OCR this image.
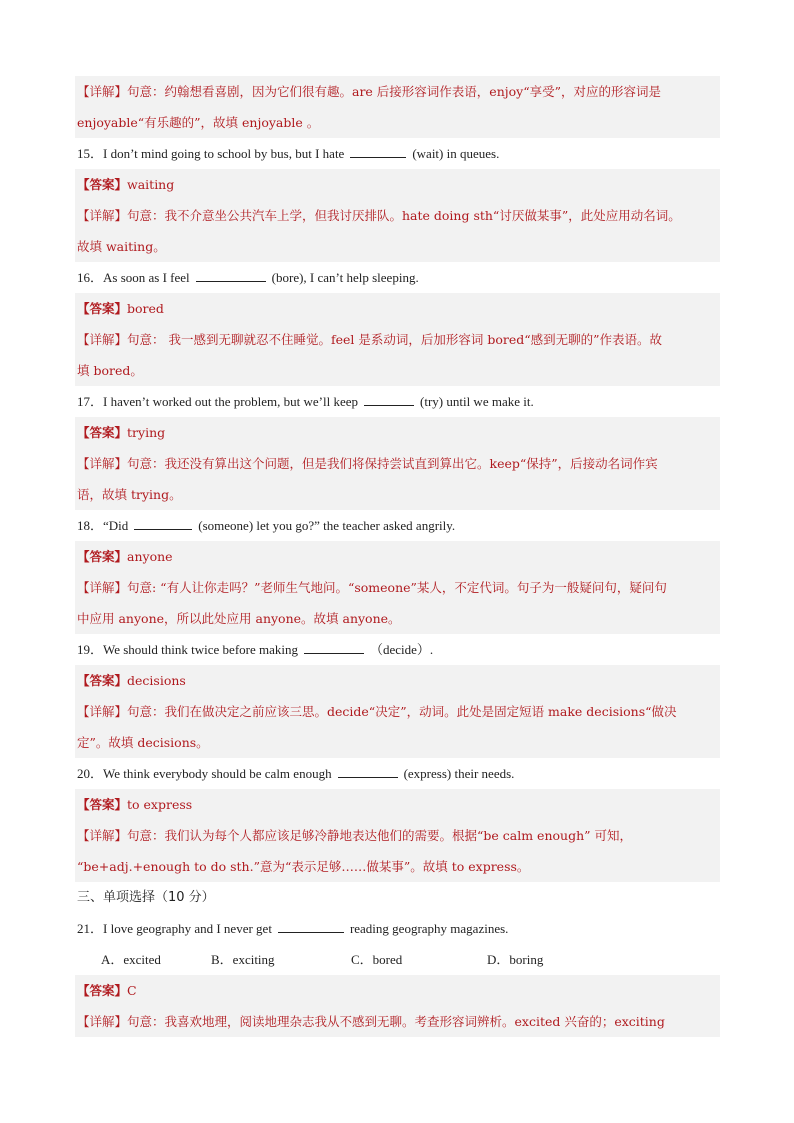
【详解】句意：约翰想看喜剧，因为它们很有趣。are 后接形容词作表语，enjoy“享受”，对应的形容词是
enjoyable“有乐趣的”，故填 enjoyable 。
15．I don’t mind going to school by bus, but I hate	(wait) in queues.
【答案】waiting
【详解】句意：我不介意坐公共汽车上学，但我讨厌排队。hate doing sth“讨厌做某事”，此处应用动名词。
故填 waiting。
16．As soon as I feel	(bore), I can’t help sleeping.
【答案】bored
【详解】句意： 我一感到无聊就忍不住睡觉。feel 是系动词，后加形容词 bored“感到无聊的”作表语。故
填 bored。
17．I haven’t worked out the problem, but we’ll keep	(try) until we make it.
【答案】trying
【详解】句意：我还没有算出这个问题，但是我们将保持尝试直到算出它。keep“保持”，后接动名词作宾
语，故填 trying。
18．“Did	(someone) let you go?” the teacher asked angrily.
【答案】anyone
【详解】句意: “有人让你走吗？”老师生气地问。“someone”某人，不定代词。句子为一般疑问句，疑问句
中应用 anyone，所以此处应用 anyone。故填 anyone。
19．We should think twice before making	（decide）.
【答案】decisions
【详解】句意：我们在做决定之前应该三思。decide“决定”，动词。此处是固定短语 make decisions“做决
定”。故填 decisions。
20．We think everybody should be calm enough	(express) their needs.
【答案】to express
【详解】句意：我们认为每个人都应该足够冷静地表达他们的需要。根据“be calm enough” 可知，
“be+adj.+enough to do sth.”意为“表示足够……做某事”。故填 to express。
三、单项选择（10 分）
21．I love geography and I never get	reading geography magazines.
A．excited	B．exciting	C．bored	D．boring
【答案】C
【详解】句意：我喜欢地理，阅读地理杂志我从不感到无聊。考查形容词辨析。excited 兴奋的；exciting
